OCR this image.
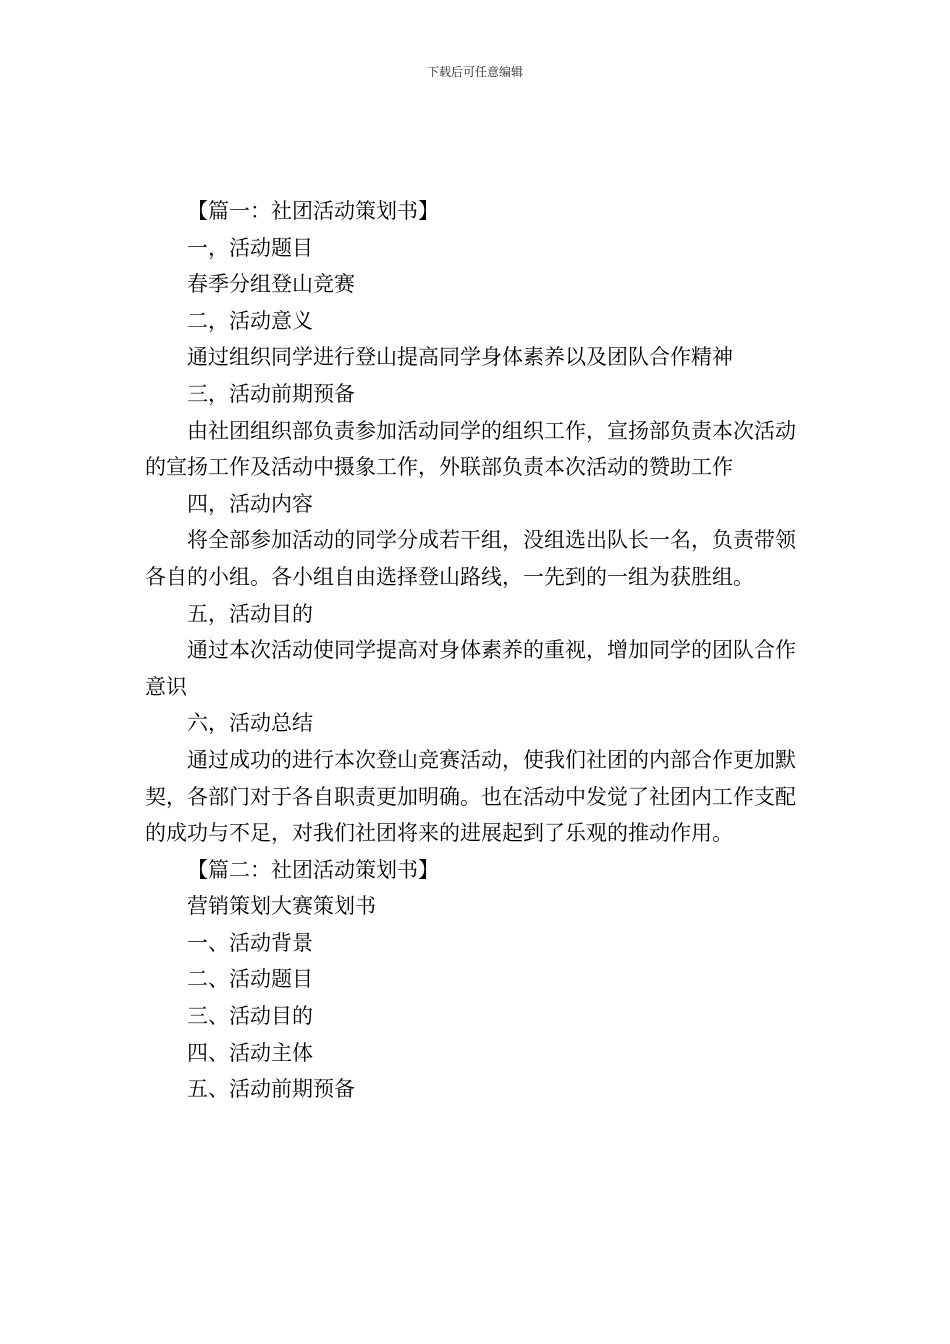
下载后可任意编辑

【篇一：社团活动策划书】

一，活动题目

春季分组登山竞赛

二，活动意义

通过组织同学进行登山提高同学身体素养以及团队合作精神

三，活动前期预备

由社团组织部负责参加活动同学的组织工作，宣扬部负责本次活动的宣扬工作及活动中摄象工作，外联部负责本次活动的赞助工作

四，活动内容

将全部参加活动的同学分成若干组，没组选出队长一名，负责带领各自的小组。各小组自由选择登山路线，一先到的一组为获胜组。

五，活动目的

通过本次活动使同学提高对身体素养的重视，增加同学的团队合作意识

六，活动总结

通过成功的进行本次登山竞赛活动，使我们社团的内部合作更加默契，各部门对于各自职责更加明确。也在活动中发觉了社团内工作支配的成功与不足，对我们社团将来的进展起到了乐观的推动作用。

【篇二：社团活动策划书】

营销策划大赛策划书

一、活动背景

二、活动题目

三、活动目的

四、活动主体

五、活动前期预备
